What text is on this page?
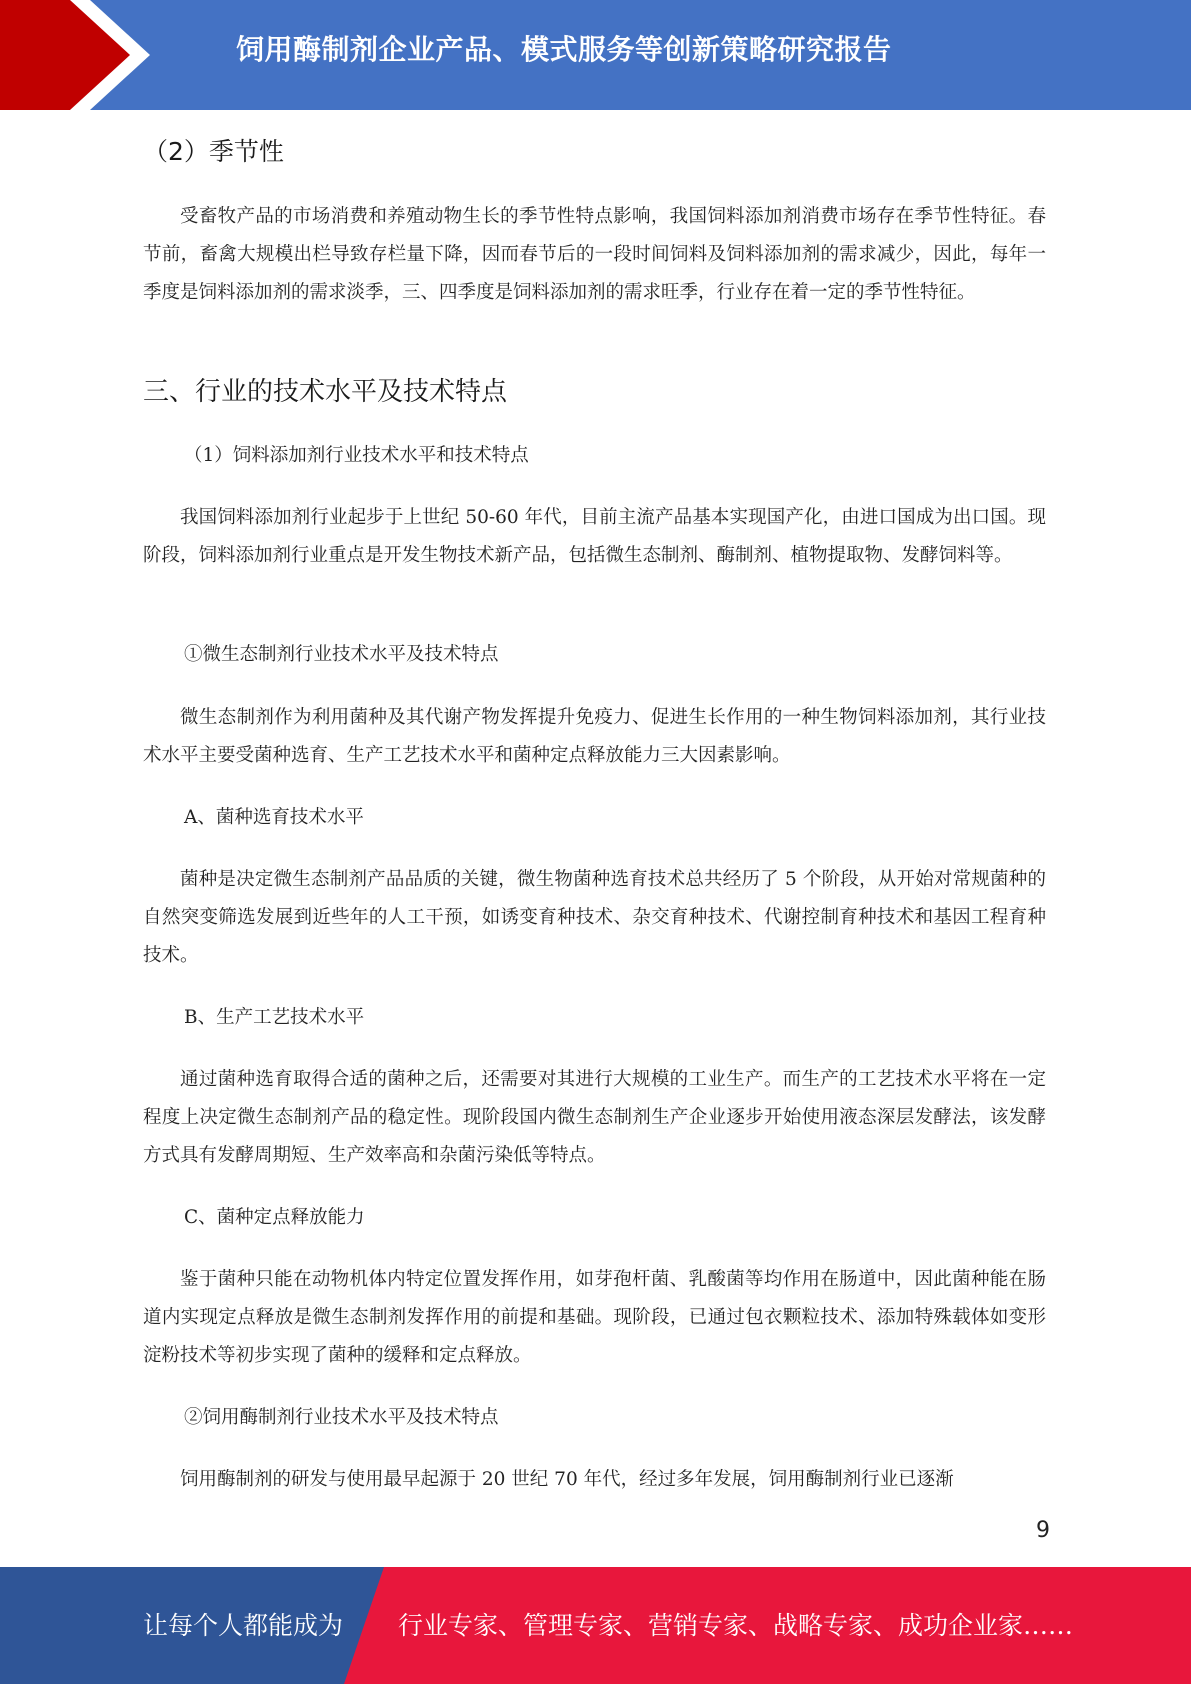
饲用酶制剂企业产品、模式服务等创新策略研究报告
（2）季节性
受畜牧产品的市场消费和养殖动物生长的季节性特点影响，我国饲料添加剂消费市场存在季节性特征。春节前，畜禽大规模出栏导致存栏量下降，因而春节后的一段时间饲料及饲料添加剂的需求减少，因此，每年一季度是饲料添加剂的需求淡季，三、四季度是饲料添加剂的需求旺季，行业存在着一定的季节性特征。
三、行业的技术水平及技术特点
（1）饲料添加剂行业技术水平和技术特点
我国饲料添加剂行业起步于上世纪 50-60 年代，目前主流产品基本实现国产化，由进口国成为出口国。现阶段，饲料添加剂行业重点是开发生物技术新产品，包括微生态制剂、酶制剂、植物提取物、发酵饲料等。
①微生态制剂行业技术水平及技术特点
微生态制剂作为利用菌种及其代谢产物发挥提升免疫力、促进生长作用的一种生物饲料添加剂，其行业技术水平主要受菌种选育、生产工艺技术水平和菌种定点释放能力三大因素影响。
A、菌种选育技术水平
菌种是决定微生态制剂产品品质的关键，微生物菌种选育技术总共经历了 5 个阶段，从开始对常规菌种的自然突变筛选发展到近些年的人工干预，如诱变育种技术、杂交育种技术、代谢控制育种技术和基因工程育种技术。
B、生产工艺技术水平
通过菌种选育取得合适的菌种之后，还需要对其进行大规模的工业生产。而生产的工艺技术水平将在一定程度上决定微生态制剂产品的稳定性。现阶段国内微生态制剂生产企业逐步开始使用液态深层发酵法，该发酵方式具有发酵周期短、生产效率高和杂菌污染低等特点。
C、菌种定点释放能力
鉴于菌种只能在动物机体内特定位置发挥作用，如芽孢杆菌、乳酸菌等均作用在肠道中，因此菌种能在肠道内实现定点释放是微生态制剂发挥作用的前提和基础。现阶段，已通过包衣颗粒技术、添加特殊载体如变形淀粉技术等初步实现了菌种的缓释和定点释放。
②饲用酶制剂行业技术水平及技术特点
饲用酶制剂的研发与使用最早起源于 20 世纪 70 年代，经过多年发展，饲用酶制剂行业已逐渐
9
让每个人都能成为 行业专家、管理专家、营销专家、战略专家、成功企业家……
